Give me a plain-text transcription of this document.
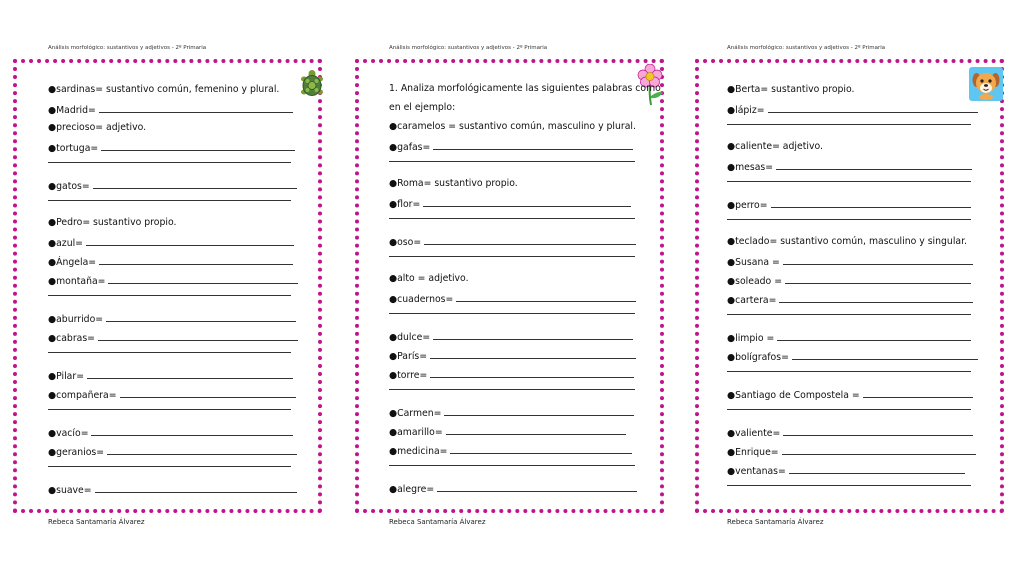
Análisis morfológico: sustantivos y adjetivos - 2º Primaria
●sardinas= sustantivo común, femenino y plural.
●Madrid=
●precioso= adjetivo.
●tortuga=
●gatos=
●Pedro= sustantivo propio.
●azul=
●Ángela=
●montaña=
●aburrido=
●cabras=
●Pilar=
●compañera=
●vacío=
●geranios=
●suave=
Rebeca Santamaría Álvarez
Análisis morfológico: sustantivos y adjetivos - 2º Primaria
1. Analiza morfológicamente las siguientes palabras como
en el ejemplo:
●caramelos = sustantivo común, masculino y plural.
●gafas=
●Roma= sustantivo propio.
●flor=
●oso=
●alto = adjetivo.
●cuadernos=
●dulce=
●París=
●torre=
●Carmen=
●amarillo=
●medicina=
●alegre=
Rebeca Santamaría Álvarez
Análisis morfológico: sustantivos y adjetivos - 2º Primaria
●Berta= sustantivo propio.
●lápiz=
●caliente= adjetivo.
●mesas=
●perro=
●teclado= sustantivo común, masculino y singular.
●Susana =
●soleado =
●cartera=
●limpio =
●bolígrafos=
●Santiago de Compostela =
●valiente=
●Enrique=
●ventanas=
Rebeca Santamaría Álvarez
